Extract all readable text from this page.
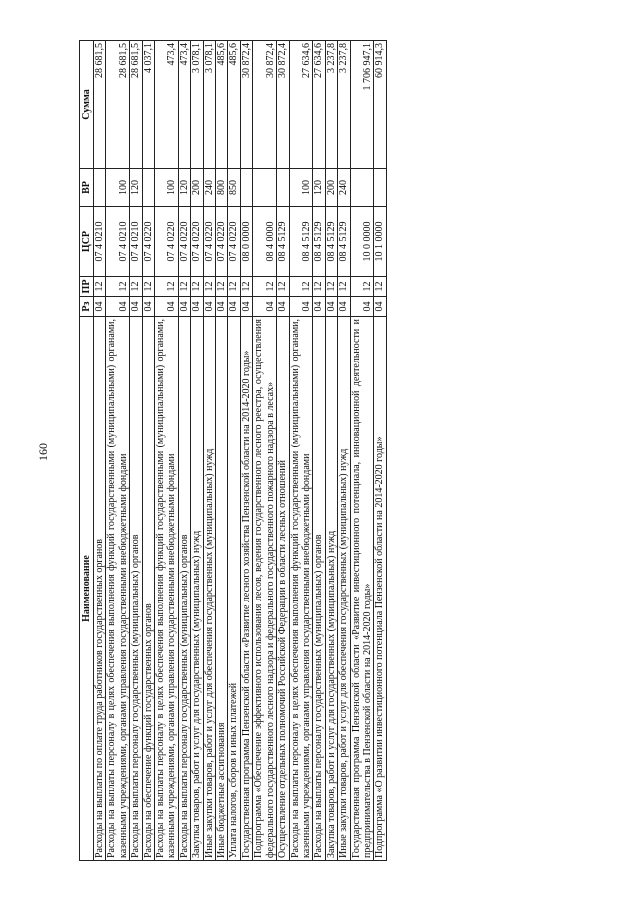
160
Наименование	Рз	ПР	ЦСР	ВР	Сумма
Расходы на выплаты по оплате труда работников государственных органов	04	12	07 4 0210		28 681,5
Расходы на выплаты персоналу в целях обеспечения выполнения функций государственными (муниципальными) органами, казенными учреждениями, органами управления государственными внебюджетными фондами	04	12	07 4 0210	100	28 681,5
Расходы на выплаты персоналу государственных (муниципальных) органов	04	12	07 4 0210	120	28 681,5
Расходы на обеспечение функций государственных органов	04	12	07 4 0220		4 037,1
Расходы на выплаты персоналу в целях обеспечения выполнения функций государственными (муниципальными) органами, казенными учреждениями, органами управления государственными внебюджетными фондами	04	12	07 4 0220	100	473,4
Расходы на выплаты персоналу государственных (муниципальных) органов	04	12	07 4 0220	120	473,4
Закупка товаров, работ и услуг для государственных (муниципальных) нужд	04	12	07 4 0220	200	3 078,1
Иные закупки товаров, работ и услуг для обеспечения государственных (муниципальных) нужд	04	12	07 4 0220	240	3 078,1
Иные бюджетные ассигнования	04	12	07 4 0220	800	485,6
Уплата налогов, сборов и иных платежей	04	12	07 4 0220	850	485,6
Государственная программа Пензенской области «Развитие лесного хозяйства Пензенской области на 2014-2020 годы»	04	12	08 0 0000		30 872,4
Подпрограмма «Обеспечение эффективного использования лесов, ведения государственного лесного реестра, осуществления федерального государственного лесного надзора и федерального государственного пожарного надзора в лесах»	04	12	08 4 0000		30 872,4
Осуществление отдельных полномочий Российской Федерации в области лесных отношений	04	12	08 4 5129		30 872,4
Расходы на выплаты персоналу в целях обеспечения выполнения функций государственными (муниципальными) органами, казенными учреждениями, органами управления государственными внебюджетными фондами	04	12	08 4 5129	100	27 634,6
Расходы на выплаты персоналу государственных (муниципальных) органов	04	12	08 4 5129	120	27 634,6
Закупка товаров, работ и услуг для государственных (муниципальных) нужд	04	12	08 4 5129	200	3 237,8
Иные закупки товаров, работ и услуг для обеспечения государственных (муниципальных) нужд	04	12	08 4 5129	240	3 237,8
Государственная программа Пензенской области «Развитие инвестиционного потенциала, инновационной деятельности и предпринимательства в Пензенской области на 2014-2020 годы»	04	12	10 0 0000		1 706 947,1
Подпрограмма «О развитии инвестиционного потенциала Пензенской области на 2014-2020 годы»	04	12	10 1 0000		60 914,3
